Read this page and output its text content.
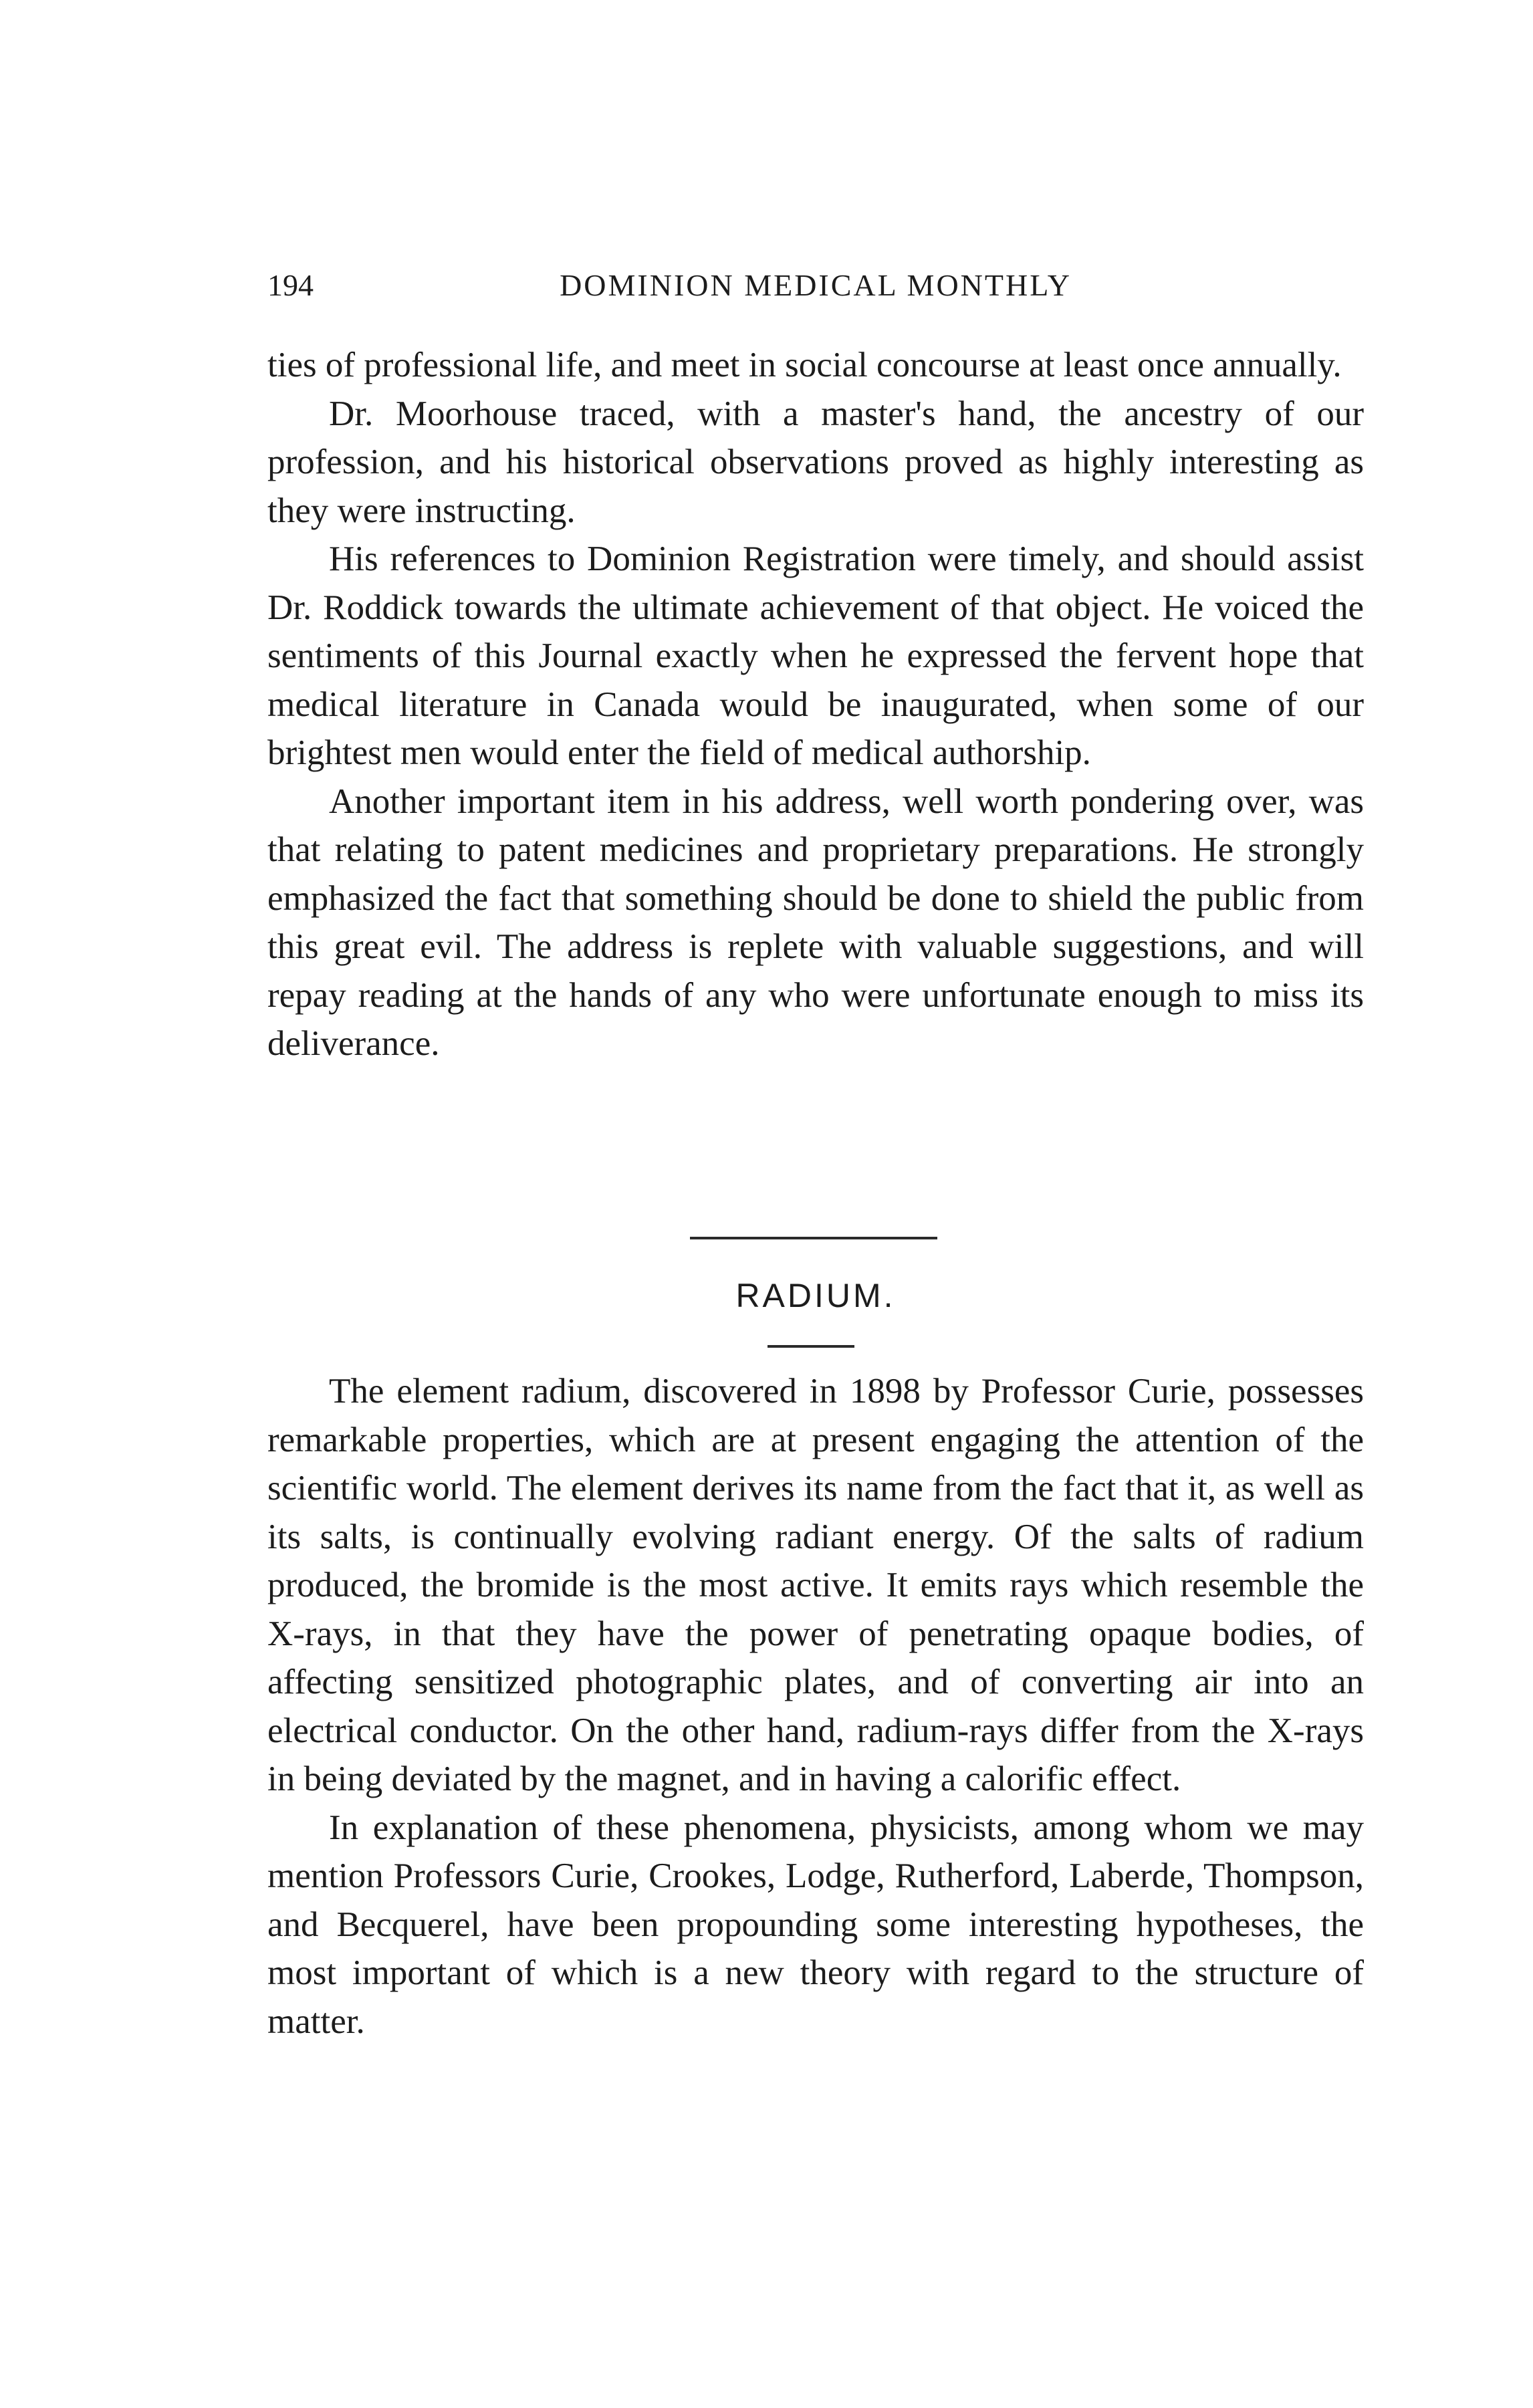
194	DOMINION MEDICAL MONTHLY

ties of professional life, and meet in social concourse at least once annually.

Dr. Moorhouse traced, with a master's hand, the ancestry of our profession, and his historical observations proved as highly interesting as they were instructing.

His references to Dominion Registration were timely, and should assist Dr. Roddick towards the ultimate achievement of that object. He voiced the sentiments of this Journal exactly when he expressed the fervent hope that medical literature in Canada would be inaugurated, when some of our brightest men would enter the field of medical authorship.

Another important item in his address, well worth pondering over, was that relating to patent medicines and proprietary preparations. He strongly emphasized the fact that something should be done to shield the public from this great evil. The address is replete with valuable suggestions, and will repay reading at the hands of any who were unfortunate enough to miss its deliverance.

RADIUM.

The element radium, discovered in 1898 by Professor Curie, possesses remarkable properties, which are at present engaging the attention of the scientific world. The element derives its name from the fact that it, as well as its salts, is continually evolving radiant energy. Of the salts of radium produced, the bromide is the most active. It emits rays which resemble the X-rays, in that they have the power of penetrating opaque bodies, of affecting sensitized photographic plates, and of converting air into an electrical conductor. On the other hand, radium-rays differ from the X-rays in being deviated by the magnet, and in having a calorific effect.

In explanation of these phenomena, physicists, among whom we may mention Professors Curie, Crookes, Lodge, Rutherford, Laberde, Thompson, and Becquerel, have been propounding some interesting hypotheses, the most important of which is a new theory with regard to the structure of matter.
